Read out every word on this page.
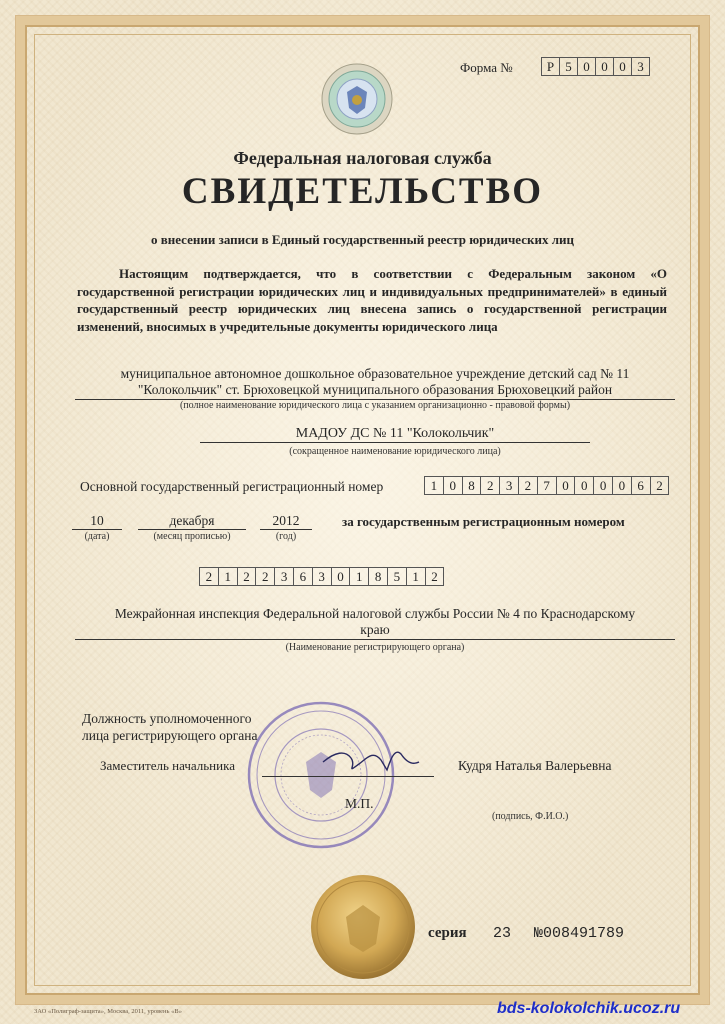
Форма №	Р 5 0 0 0 3
Федеральная налоговая служба
СВИДЕТЕЛЬСТВО
о внесении записи в Единый государственный реестр юридических лиц
Настоящим подтверждается, что в соответствии с Федеральным законом «О государственной регистрации юридических лиц и индивидуальных предпринимателей» в единый государственный реестр юридических лиц внесена запись о государственной регистрации изменений, вносимых в учредительные документы юридического лица
муниципальное автономное дошкольное образовательное учреждение детский сад № 11
"Колокольчик" ст. Брюховецкой муниципального образования Брюховецкий район
(полное наименование юридического лица с указанием организационно - правовой формы)
МАДОУ ДС № 11 "Колокольчик"
(сокращенное наименование юридического лица)
Основной государственный регистрационный номер	1 0 8 2 3 2 7 0 0 0 0 6 2
10
(дата)
декабря
(месяц прописью)
2012
(год)
за государственным регистрационным номером
2 1 2 2 3 6 3 0 1 8 5 1 2
Межрайонная инспекция Федеральной налоговой службы России № 4 по Краснодарскому
краю
(Наименование регистрирующего органа)
Должность уполномоченного
лица регистрирующего органа
Заместитель начальника	Кудря Наталья Валерьевна
М.П.
(подпись, Ф.И.О.)
серия 23 №008491789
ЗАО «Полиграф-защита», Москва, 2011, уровень «В»	bds-kolokolchik.ucoz.ru
